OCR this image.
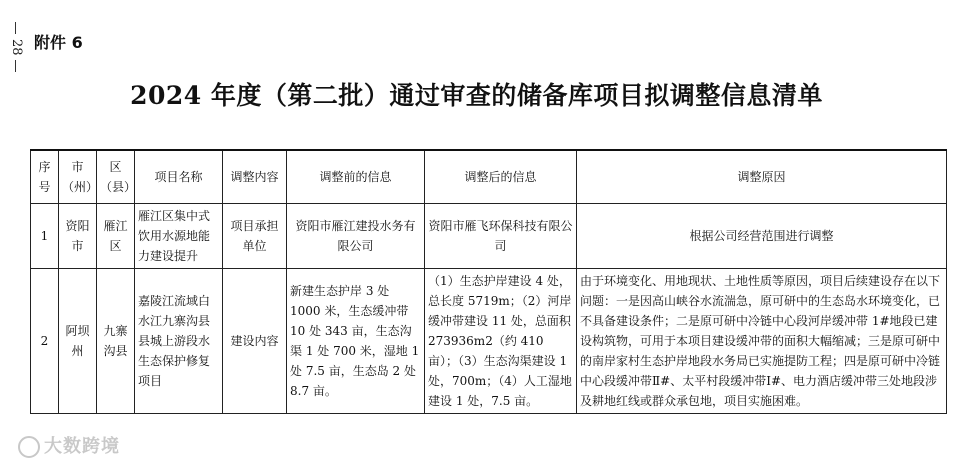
28 附件 6
2024 年度（第二批）通过审查的储备库项目拟调整信息清单
序号	市（州）	区（县）	项目名称	调整内容	调整前的信息	调整后的信息	调整原因
1	资阳市	雁江区	雁江区集中式饮用水源地能力建设提升	项目承担单位	资阳市雁江建投水务有限公司	资阳市雁飞环保科技有限公司	根据公司经营范围进行调整
2	阿坝州	九寨沟县	嘉陵江流域白水江九寨沟县县城上游段水生态保护修复项目	建设内容	新建生态护岸 3 处 1000 米，生态缓冲带 10 处 343 亩，生态沟渠 1 处 700 米，湿地 1 处 7.5 亩，生态岛 2 处 8.7 亩。	（1）生态护岸建设 4 处，总长度 5719m；（2）河岸缓冲带建设 11 处，总面积 273936m2（约 410 亩）；（3）生态沟渠建设 1 处，700m；（4）人工湿地建设 1 处，7.5 亩。	由于环境变化、用地现状、土地性质等原因，项目后续建设存在以下问题：一是因高山峡谷水流湍急，原可研中的生态岛水环境变化，已不具备建设条件；二是原可研中冷链中心段河岸缓冲带 1#地段已建设构筑物，可用于本项目建设缓冲带的面积大幅缩减；三是原可研中的南岸家村生态护岸地段水务局已实施提防工程；四是原可研中冷链中心段缓冲带Ⅱ#、太平村段缓冲带Ⅰ#、电力酒店缓冲带三处地段涉及耕地红线或群众承包地，项目实施困难。
大数跨境
